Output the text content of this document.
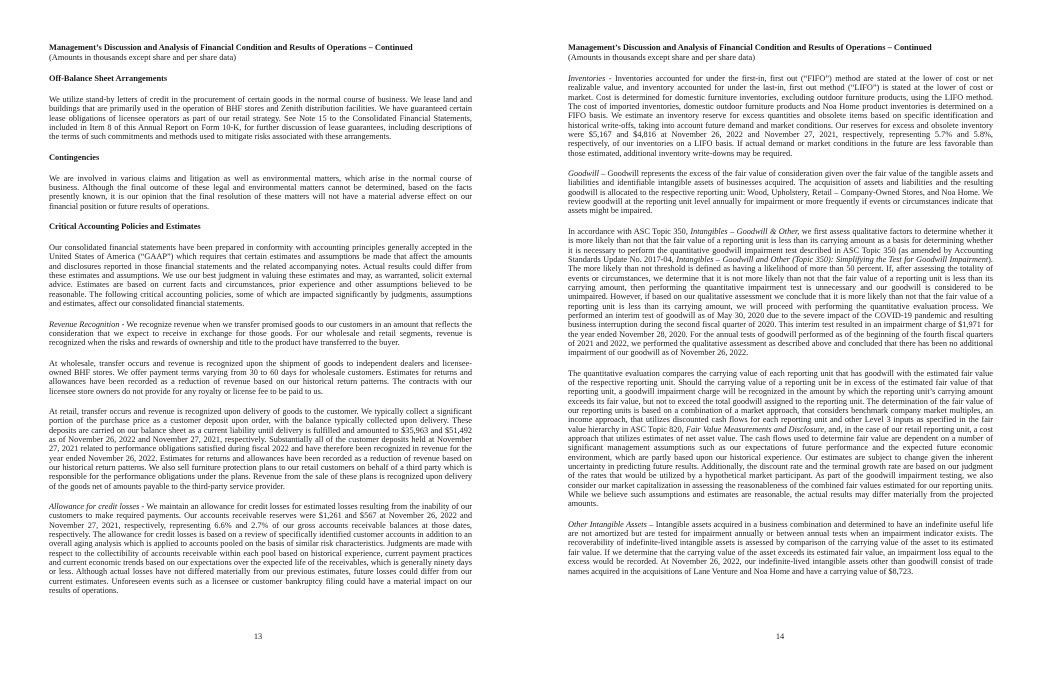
Management’s Discussion and Analysis of Financial Condition and Results of Operations – Continued
(Amounts in thousands except share and per share data)
Off-Balance Sheet Arrangements

We utilize stand-by letters of credit in the procurement of certain goods in the normal course of business. We lease land and buildings that are primarily used in the operation of BHF stores and Zenith distribution facilities. We have guaranteed certain lease obligations of licensee operators as part of our retail strategy. See Note 15 to the Consolidated Financial Statements, included in Item 8 of this Annual Report on Form 10-K, for further discussion of lease guarantees, including descriptions of the terms of such commitments and methods used to mitigate risks associated with these arrangements.

Contingencies

We are involved in various claims and litigation as well as environmental matters, which arise in the normal course of business. Although the final outcome of these legal and environmental matters cannot be determined, based on the facts presently known, it is our opinion that the final resolution of these matters will not have a material adverse effect on our financial position or future results of operations.

Critical Accounting Policies and Estimates

Our consolidated financial statements have been prepared in conformity with accounting principles generally accepted in the United States of America (“GAAP”) which requires that certain estimates and assumptions be made that affect the amounts and disclosures reported in those financial statements and the related accompanying notes. Actual results could differ from these estimates and assumptions. We use our best judgment in valuing these estimates and may, as warranted, solicit external advice. Estimates are based on current facts and circumstances, prior experience and other assumptions believed to be reasonable. The following critical accounting policies, some of which are impacted significantly by judgments, assumptions and estimates, affect our consolidated financial statements.

Revenue Recognition - We recognize revenue when we transfer promised goods to our customers in an amount that reflects the consideration that we expect to receive in exchange for those goods. For our wholesale and retail segments, revenue is recognized when the risks and rewards of ownership and title to the product have transferred to the buyer.

At wholesale, transfer occurs and revenue is recognized upon the shipment of goods to independent dealers and licensee-owned BHF stores. We offer payment terms varying from 30 to 60 days for wholesale customers. Estimates for returns and allowances have been recorded as a reduction of revenue based on our historical return patterns. The contracts with our licensee store owners do not provide for any royalty or license fee to be paid to us.

At retail, transfer occurs and revenue is recognized upon delivery of goods to the customer. We typically collect a significant portion of the purchase price as a customer deposit upon order, with the balance typically collected upon delivery. These deposits are carried on our balance sheet as a current liability until delivery is fulfilled and amounted to $35,963 and $51,492 as of November 26, 2022 and November 27, 2021, respectively. Substantially all of the customer deposits held at November 27, 2021 related to performance obligations satisfied during fiscal 2022 and have therefore been recognized in revenue for the year ended November 26, 2022. Estimates for returns and allowances have been recorded as a reduction of revenue based on our historical return patterns. We also sell furniture protection plans to our retail customers on behalf of a third party which is responsible for the performance obligations under the plans. Revenue from the sale of these plans is recognized upon delivery of the goods net of amounts payable to the third-party service provider.

Allowance for credit losses - We maintain an allowance for credit losses for estimated losses resulting from the inability of our customers to make required payments. Our accounts receivable reserves were $1,261 and $567 at November 26, 2022 and November 27, 2021, respectively, representing 6.6% and 2.7% of our gross accounts receivable balances at those dates, respectively. The allowance for credit losses is based on a review of specifically identified customer accounts in addition to an overall aging analysis which is applied to accounts pooled on the basis of similar risk characteristics. Judgments are made with respect to the collectibility of accounts receivable within each pool based on historical experience, current payment practices and current economic trends based on our expectations over the expected life of the receivables, which is generally ninety days or less. Although actual losses have not differed materially from our previous estimates, future losses could differ from our current estimates. Unforeseen events such as a licensee or customer bankruptcy filing could have a material impact on our results of operations.

13
Management’s Discussion and Analysis of Financial Condition and Results of Operations – Continued
(Amounts in thousands except share and per share data)

Inventories - Inventories accounted for under the first-in, first out (“FIFO”) method are stated at the lower of cost or net realizable value, and inventory accounted for under the last-in, first out method (“LIFO”) is stated at the lower of cost or market. Cost is determined for domestic furniture inventories, excluding outdoor furniture products, using the LIFO method. The cost of imported inventories, domestic outdoor furniture products and Noa Home product inventories is determined on a FIFO basis. We estimate an inventory reserve for excess quantities and obsolete items based on specific identification and historical write-offs, taking into account future demand and market conditions. Our reserves for excess and obsolete inventory were $5,167 and $4,816 at November 26, 2022 and November 27, 2021, respectively, representing 5.7% and 5.8%, respectively, of our inventories on a LIFO basis. If actual demand or market conditions in the future are less favorable than those estimated, additional inventory write-downs may be required.

Goodwill – Goodwill represents the excess of the fair value of consideration given over the fair value of the tangible assets and liabilities and identifiable intangible assets of businesses acquired. The acquisition of assets and liabilities and the resulting goodwill is allocated to the respective reporting unit: Wood, Upholstery, Retail – Company-Owned Stores, and Noa Home. We review goodwill at the reporting unit level annually for impairment or more frequently if events or circumstances indicate that assets might be impaired.

In accordance with ASC Topic 350, Intangibles – Goodwill & Other, we first assess qualitative factors to determine whether it is more likely than not that the fair value of a reporting unit is less than its carrying amount as a basis for determining whether it is necessary to perform the quantitative goodwill impairment test described in ASC Topic 350 (as amended by Accounting Standards Update No. 2017-04, Intangibles – Goodwill and Other (Topic 350): Simplifying the Test for Goodwill Impairment). The more likely than not threshold is defined as having a likelihood of more than 50 percent. If, after assessing the totality of events or circumstances, we determine that it is not more likely than not that the fair value of a reporting unit is less than its carrying amount, then performing the quantitative impairment test is unnecessary and our goodwill is considered to be unimpaired. However, if based on our qualitative assessment we conclude that it is more likely than not that the fair value of a reporting unit is less than its carrying amount, we will proceed with performing the quantitative evaluation process. We performed an interim test of goodwill as of May 30, 2020 due to the severe impact of the COVID-19 pandemic and resulting business interruption during the second fiscal quarter of 2020. This interim test resulted in an impairment charge of $1,971 for the year ended November 28, 2020. For the annual tests of goodwill performed as of the beginning of the fourth fiscal quarters of 2021 and 2022, we performed the qualitative assessment as described above and concluded that there has been no additional impairment of our goodwill as of November 26, 2022.

The quantitative evaluation compares the carrying value of each reporting unit that has goodwill with the estimated fair value of the respective reporting unit. Should the carrying value of a reporting unit be in excess of the estimated fair value of that reporting unit, a goodwill impairment charge will be recognized in the amount by which the reporting unit’s carrying amount exceeds its fair value, but not to exceed the total goodwill assigned to the reporting unit. The determination of the fair value of our reporting units is based on a combination of a market approach, that considers benchmark company market multiples, an income approach, that utilizes discounted cash flows for each reporting unit and other Level 3 inputs as specified in the fair value hierarchy in ASC Topic 820, Fair Value Measurements and Disclosure, and, in the case of our retail reporting unit, a cost approach that utilizes estimates of net asset value. The cash flows used to determine fair value are dependent on a number of significant management assumptions such as our expectations of future performance and the expected future economic environment, which are partly based upon our historical experience. Our estimates are subject to change given the inherent uncertainty in predicting future results. Additionally, the discount rate and the terminal growth rate are based on our judgment of the rates that would be utilized by a hypothetical market participant. As part of the goodwill impairment testing, we also consider our market capitalization in assessing the reasonableness of the combined fair values estimated for our reporting units. While we believe such assumptions and estimates are reasonable, the actual results may differ materially from the projected amounts.

Other Intangible Assets – Intangible assets acquired in a business combination and determined to have an indefinite useful life are not amortized but are tested for impairment annually or between annual tests when an impairment indicator exists. The recoverability of indefinite-lived intangible assets is assessed by comparison of the carrying value of the asset to its estimated fair value. If we determine that the carrying value of the asset exceeds its estimated fair value, an impairment loss equal to the excess would be recorded. At November 26, 2022, our indefinite-lived intangible assets other than goodwill consist of trade names acquired in the acquisitions of Lane Venture and Noa Home and have a carrying value of $8,723.

14
